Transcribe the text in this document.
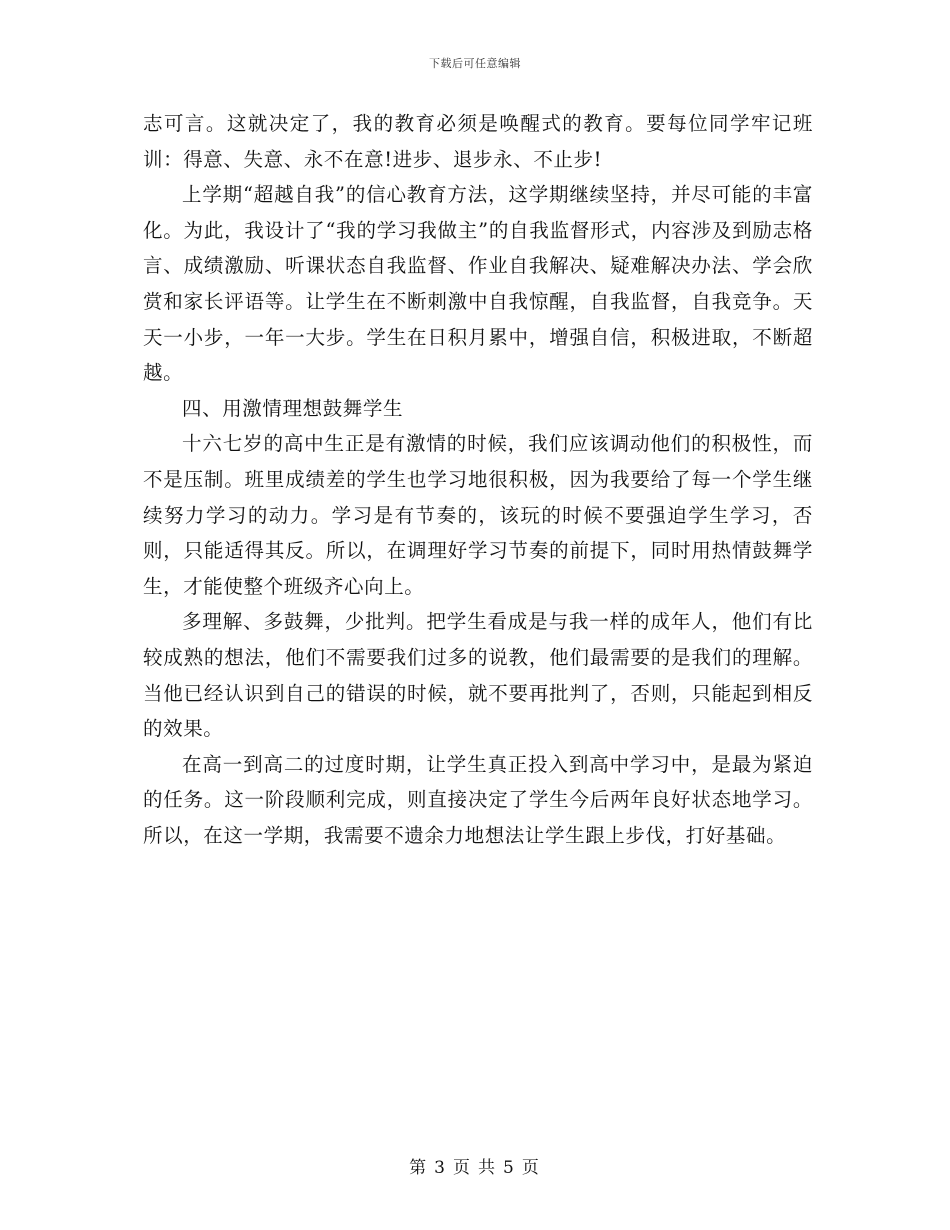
下载后可任意编辑

志可言。这就决定了，我的教育必须是唤醒式的教育。要每位同学牢记班训：得意、失意、永不在意!进步、退步永、不止步!

上学期“超越自我”的信心教育方法，这学期继续坚持，并尽可能的丰富化。为此，我设计了“我的学习我做主”的自我监督形式，内容涉及到励志格言、成绩激励、听课状态自我监督、作业自我解决、疑难解决办法、学会欣赏和家长评语等。让学生在不断刺激中自我惊醒，自我监督，自我竞争。天天一小步，一年一大步。学生在日积月累中，增强自信，积极进取，不断超越。

四、用激情理想鼓舞学生

十六七岁的高中生正是有激情的时候，我们应该调动他们的积极性，而不是压制。班里成绩差的学生也学习地很积极，因为我要给了每一个学生继续努力学习的动力。学习是有节奏的，该玩的时候不要强迫学生学习，否则，只能适得其反。所以，在调理好学习节奏的前提下，同时用热情鼓舞学生，才能使整个班级齐心向上。

多理解、多鼓舞，少批判。把学生看成是与我一样的成年人，他们有比较成熟的想法，他们不需要我们过多的说教，他们最需要的是我们的理解。当他已经认识到自己的错误的时候，就不要再批判了，否则，只能起到相反的效果。

在高一到高二的过度时期，让学生真正投入到高中学习中，是最为紧迫的任务。这一阶段顺利完成，则直接决定了学生今后两年良好状态地学习。所以，在这一学期，我需要不遗余力地想法让学生跟上步伐，打好基础。

第 3 页 共 5 页
